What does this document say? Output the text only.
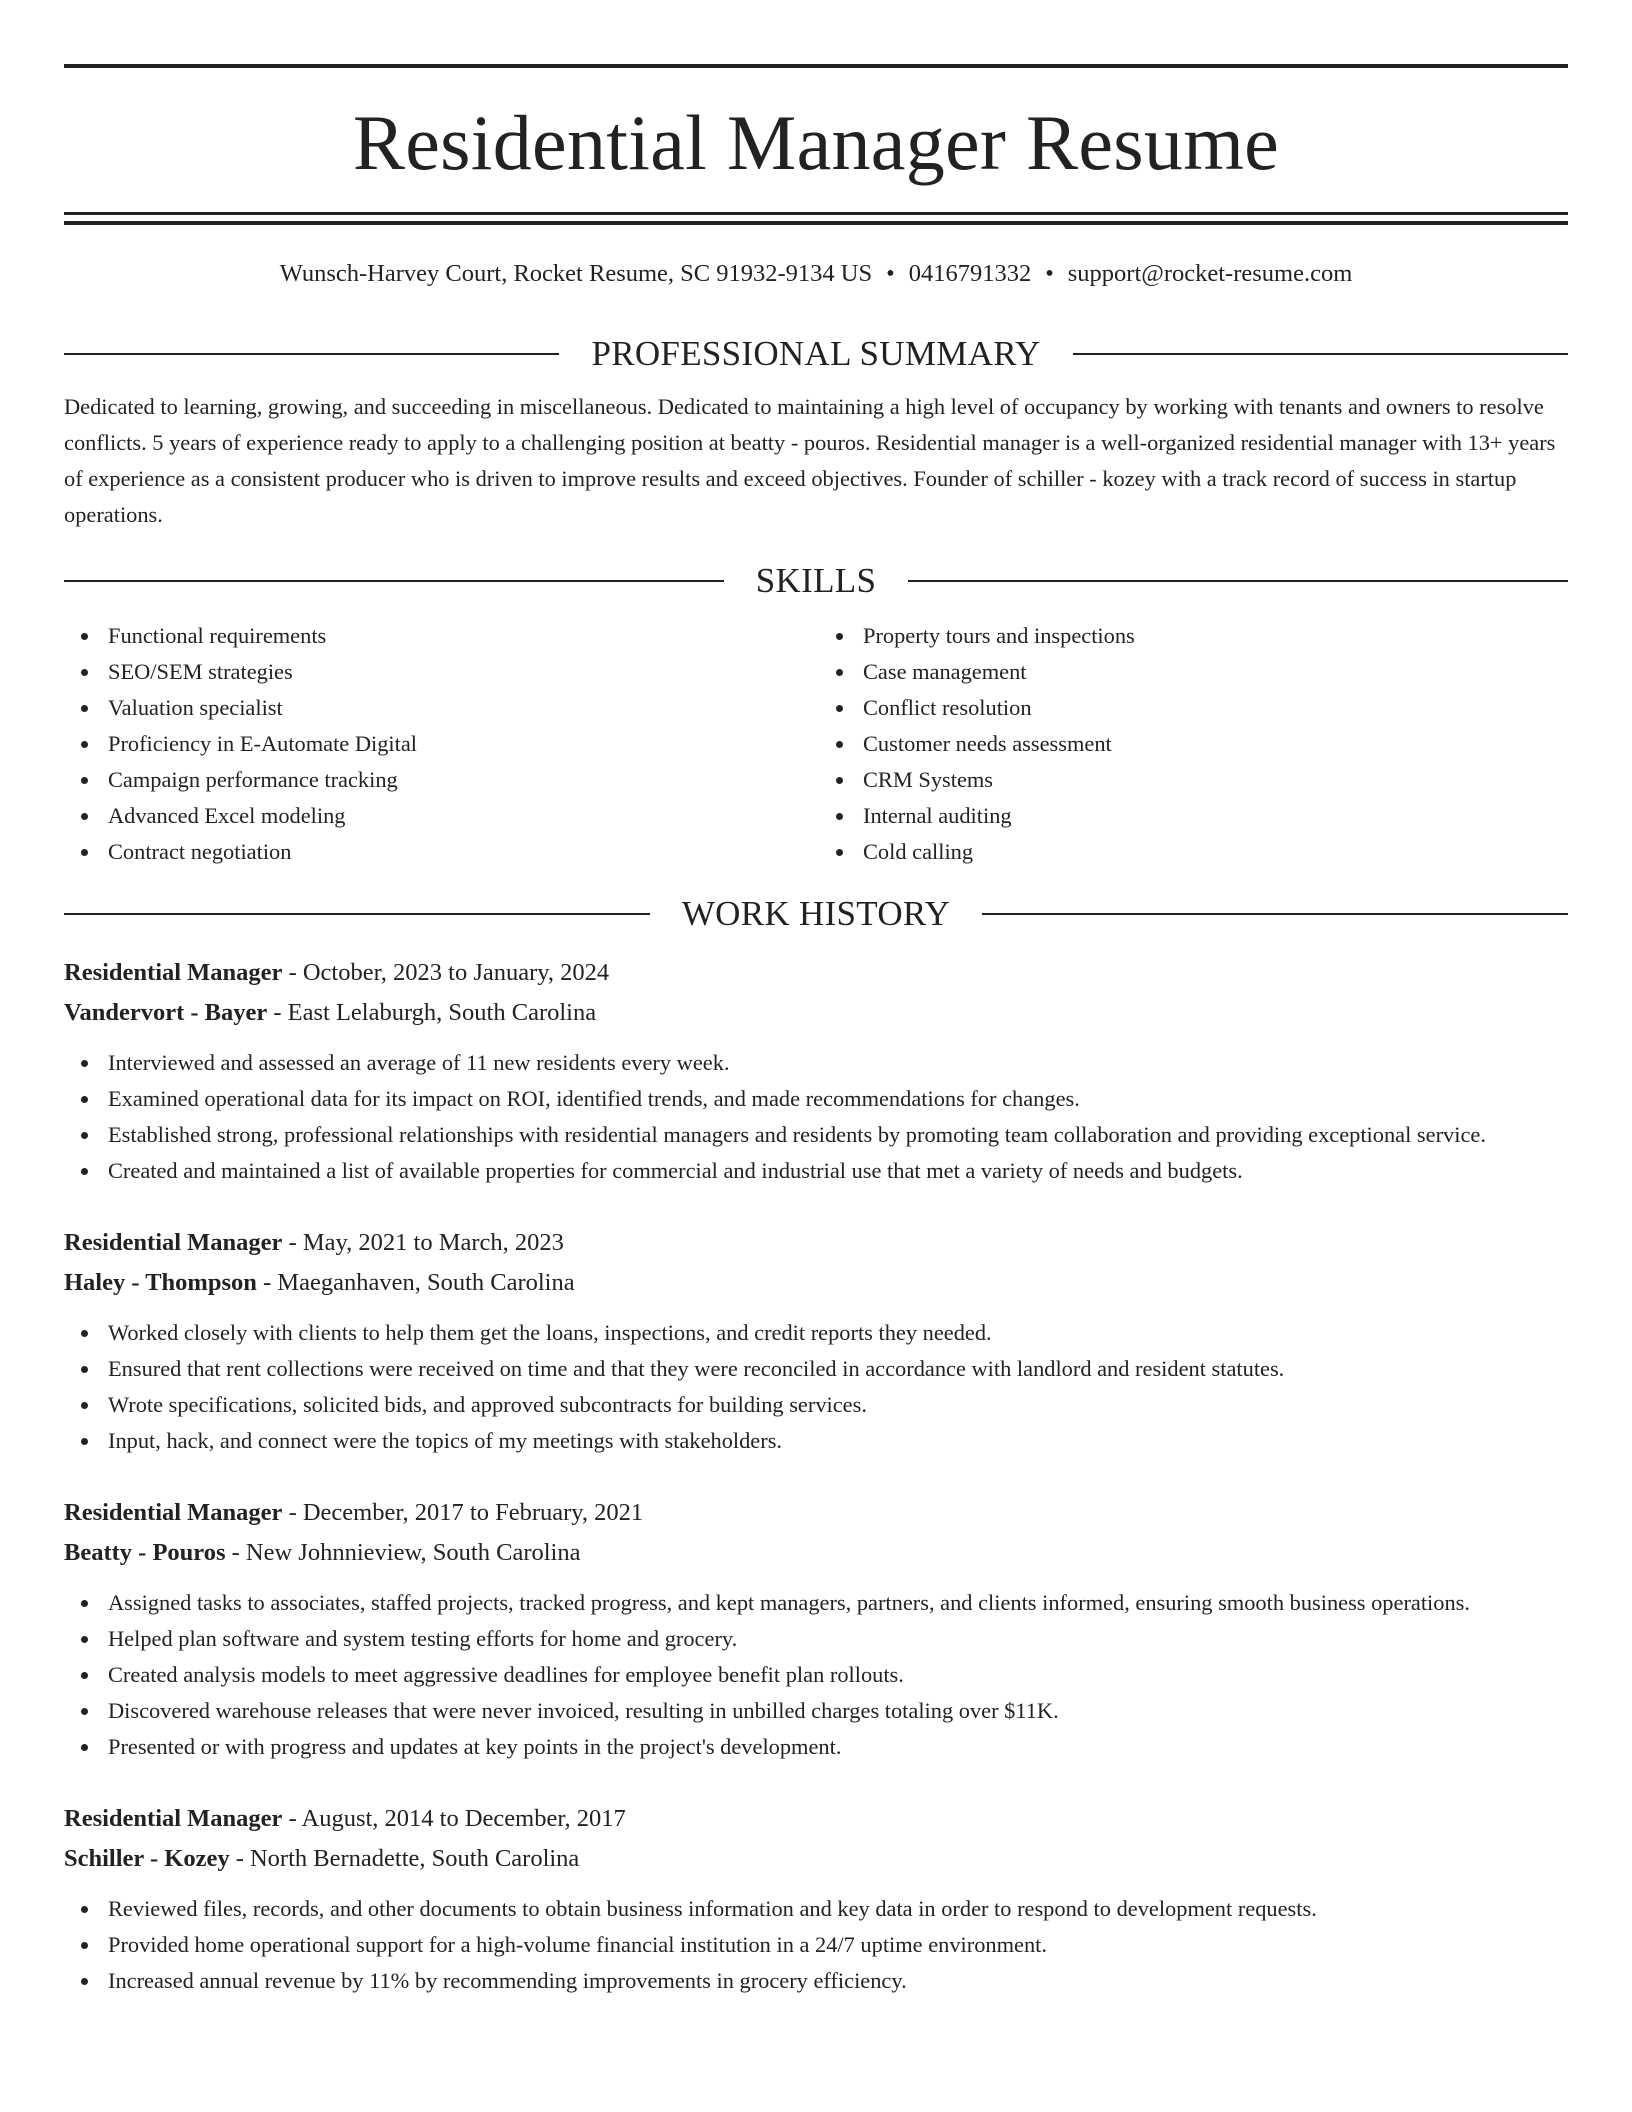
Residential Manager Resume
Wunsch-Harvey Court, Rocket Resume, SC 91932-9134 US • 0416791332 • support@rocket-resume.com
PROFESSIONAL SUMMARY
Dedicated to learning, growing, and succeeding in miscellaneous. Dedicated to maintaining a high level of occupancy by working with tenants and owners to resolve conflicts. 5 years of experience ready to apply to a challenging position at beatty - pouros. Residential manager is a well-organized residential manager with 13+ years of experience as a consistent producer who is driven to improve results and exceed objectives. Founder of schiller - kozey with a track record of success in startup operations.
SKILLS
Functional requirements
SEO/SEM strategies
Valuation specialist
Proficiency in E-Automate Digital
Campaign performance tracking
Advanced Excel modeling
Contract negotiation
Property tours and inspections
Case management
Conflict resolution
Customer needs assessment
CRM Systems
Internal auditing
Cold calling
WORK HISTORY
Residential Manager - October, 2023 to January, 2024
Vandervort - Bayer - East Lelaburgh, South Carolina
Interviewed and assessed an average of 11 new residents every week.
Examined operational data for its impact on ROI, identified trends, and made recommendations for changes.
Established strong, professional relationships with residential managers and residents by promoting team collaboration and providing exceptional service.
Created and maintained a list of available properties for commercial and industrial use that met a variety of needs and budgets.
Residential Manager - May, 2021 to March, 2023
Haley - Thompson - Maeganhaven, South Carolina
Worked closely with clients to help them get the loans, inspections, and credit reports they needed.
Ensured that rent collections were received on time and that they were reconciled in accordance with landlord and resident statutes.
Wrote specifications, solicited bids, and approved subcontracts for building services.
Input, hack, and connect were the topics of my meetings with stakeholders.
Residential Manager - December, 2017 to February, 2021
Beatty - Pouros - New Johnnieview, South Carolina
Assigned tasks to associates, staffed projects, tracked progress, and kept managers, partners, and clients informed, ensuring smooth business operations.
Helped plan software and system testing efforts for home and grocery.
Created analysis models to meet aggressive deadlines for employee benefit plan rollouts.
Discovered warehouse releases that were never invoiced, resulting in unbilled charges totaling over $11K.
Presented or with progress and updates at key points in the project's development.
Residential Manager - August, 2014 to December, 2017
Schiller - Kozey - North Bernadette, South Carolina
Reviewed files, records, and other documents to obtain business information and key data in order to respond to development requests.
Provided home operational support for a high-volume financial institution in a 24/7 uptime environment.
Increased annual revenue by 11% by recommending improvements in grocery efficiency.
